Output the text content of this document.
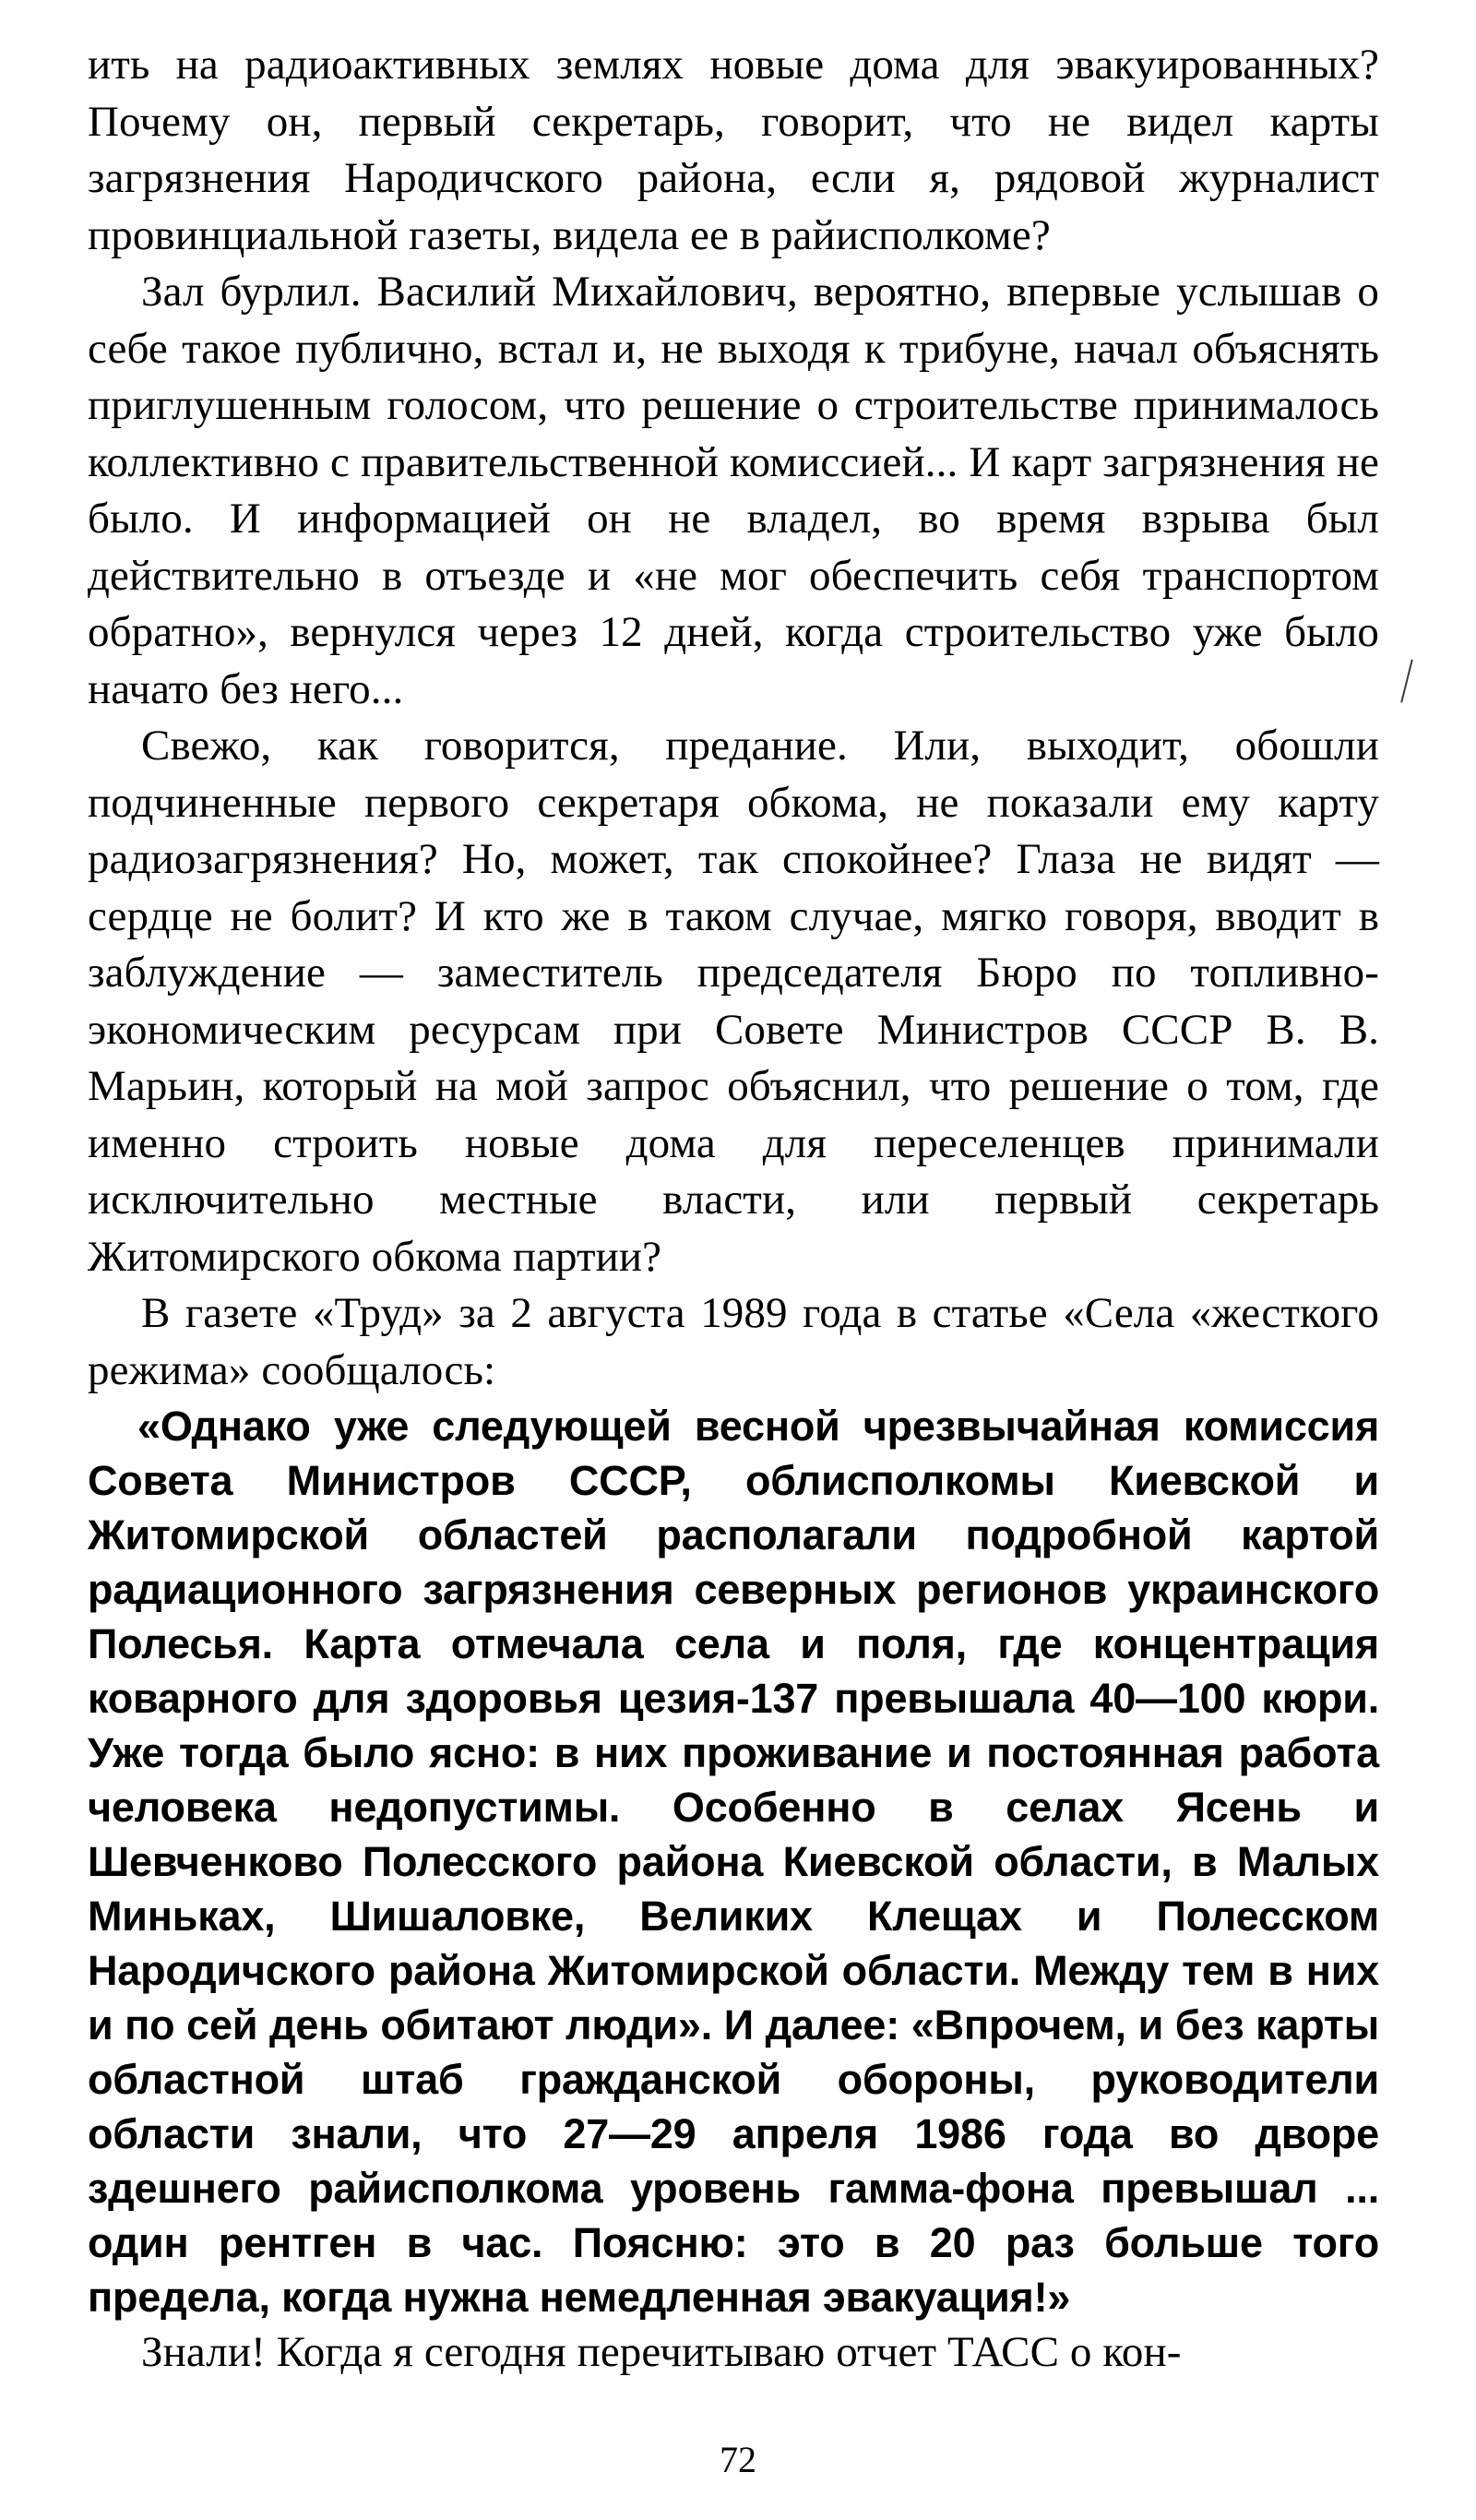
ить на радиоактивных землях новые дома для эвакуированных? Почему он, первый секретарь, говорит, что не видел карты загрязнения Народичского района, если я, рядовой журналист провинциальной газеты, видела ее в райисполкоме?

Зал бурлил. Василий Михайлович, вероятно, впервые услышав о себе такое публично, встал и, не выходя к трибуне, начал объяснять приглушенным голосом, что решение о строительстве принималось коллективно с правительственной комиссией... И карт загрязнения не было. И информацией он не владел, во время взрыва был действительно в отъезде и «не мог обеспечить себя транспортом обратно», вернулся через 12 дней, когда строительство уже было начато без него...

Свежо, как говорится, предание. Или, выходит, обошли подчиненные первого секретаря обкома, не показали ему карту радиозагрязнения? Но, может, так спокойнее? Глаза не видят — сердце не болит? И кто же в таком случае, мягко говоря, вводит в заблуждение — заместитель председателя Бюро по топливно-экономическим ресурсам при Совете Министров СССР В. В. Марьин, который на мой запрос объяснил, что решение о том, где именно строить новые дома для переселенцев принимали исключительно местные власти, или первый секретарь Житомирского обкома партии?

В газете «Труд» за 2 августа 1989 года в статье «Села «жесткого режима» сообщалось:

«Однако уже следующей весной чрезвычайная комиссия Совета Министров СССР, облисполкомы Киевской и Житомирской областей располагали подробной картой радиационного загрязнения северных регионов украинского Полесья. Карта отмечала села и поля, где концентрация коварного для здоровья цезия-137 превышала 40—100 кюри. Уже тогда было ясно: в них проживание и постоянная работа человека недопустимы. Особенно в селах Ясень и Шевченково Полесского района Киевской области, в Малых Миньках, Шишаловке, Великих Клещах и Полесском Народичского района Житомирской области. Между тем в них и по сей день обитают люди». И далее: «Впрочем, и без карты областной штаб гражданской обороны, руководители области знали, что 27—29 апреля 1986 года во дворе здешнего райисполкома уровень гамма-фона превышал ... один рентген в час. Поясню: это в 20 раз больше того предела, когда нужна немедленная эвакуация!»

Знали! Когда я сегодня перечитываю отчет ТАСС о кон-

72
